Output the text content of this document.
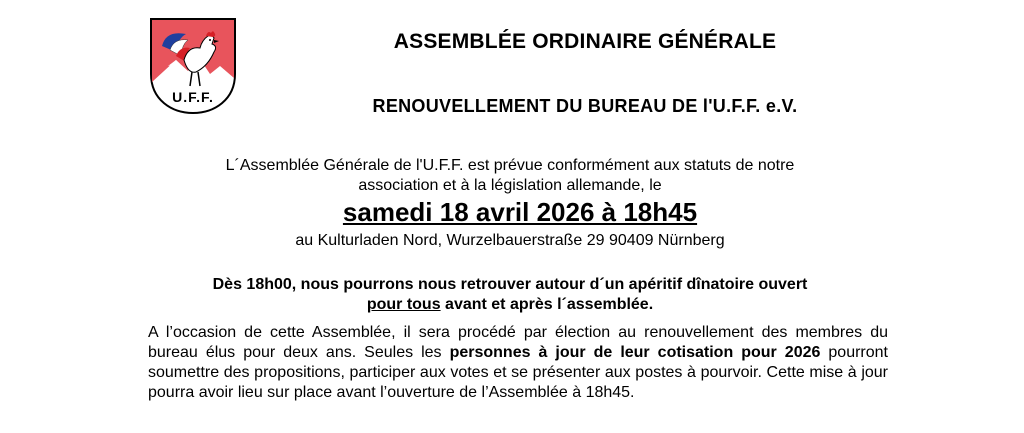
U.F.F.
ASSEMBLÉE ORDINAIRE GÉNÉRALE
RENOUVELLEMENT DU BUREAU DE l'U.F.F. e.V.
L´Assemblée Générale de l'U.F.F. est prévue conformément aux statuts de notre
association et à la législation allemande, le
samedi 18 avril 2026 à 18h45
au Kulturladen Nord, Wurzelbauerstraße 29 90409 Nürnberg
Dès 18h00, nous pourrons nous retrouver autour d´un apéritif dînatoire ouvert
pour tous avant et après l´assemblée.
A l’occasion de cette Assemblée, il sera procédé par élection au renouvellement des membres du bureau élus pour deux ans. Seules les personnes à jour de leur cotisation pour 2026 pourront soumettre des propositions, participer aux votes et se présenter aux postes à pourvoir. Cette mise à jour pourra avoir lieu sur place avant l’ouverture de l’Assemblée à 18h45.
